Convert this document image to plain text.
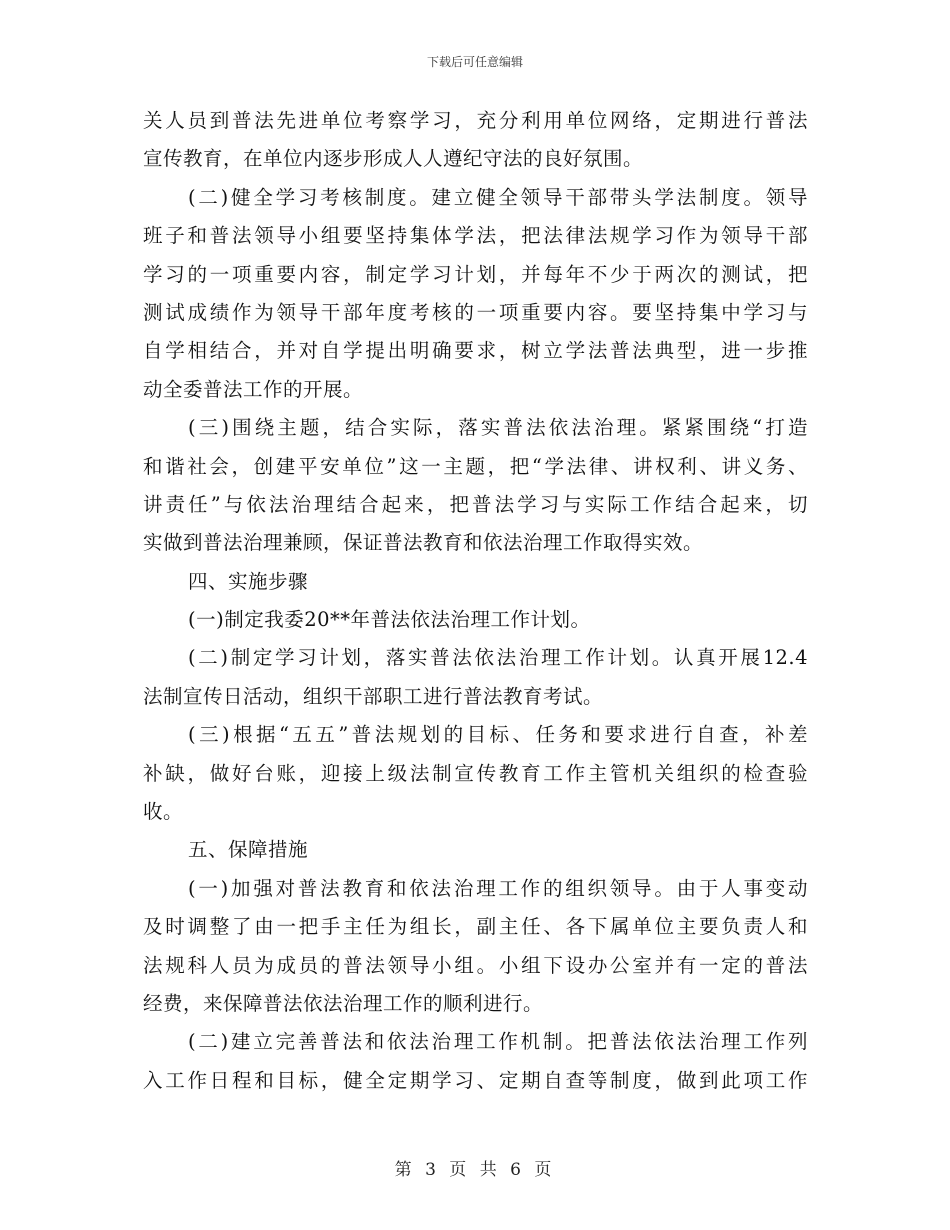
下载后可任意编辑
关人员到普法先进单位考察学习，充分利用单位网络，定期进行普法
宣传教育，在单位内逐步形成人人遵纪守法的良好氛围。
(二)健全学习考核制度。建立健全领导干部带头学法制度。领导
班子和普法领导小组要坚持集体学法，把法律法规学习作为领导干部
学习的一项重要内容，制定学习计划，并每年不少于两次的测试，把
测试成绩作为领导干部年度考核的一项重要内容。要坚持集中学习与
自学相结合，并对自学提出明确要求，树立学法普法典型，进一步推
动全委普法工作的开展。
(三)围绕主题，结合实际，落实普法依法治理。紧紧围绕“打造
和谐社会，创建平安单位”这一主题，把“学法律、讲权利、讲义务、
讲责任”与依法治理结合起来，把普法学习与实际工作结合起来，切
实做到普法治理兼顾，保证普法教育和依法治理工作取得实效。
四、实施步骤
(一)制定我委20**年普法依法治理工作计划。
(二)制定学习计划，落实普法依法治理工作计划。认真开展12.4
法制宣传日活动，组织干部职工进行普法教育考试。
(三)根据“五五”普法规划的目标、任务和要求进行自查，补差
补缺，做好台账，迎接上级法制宣传教育工作主管机关组织的检查验
收。
五、保障措施
(一)加强对普法教育和依法治理工作的组织领导。由于人事变动
及时调整了由一把手主任为组长，副主任、各下属单位主要负责人和
法规科人员为成员的普法领导小组。小组下设办公室并有一定的普法
经费，来保障普法依法治理工作的顺利进行。
(二)建立完善普法和依法治理工作机制。把普法依法治理工作列
入工作日程和目标，健全定期学习、定期自查等制度，做到此项工作
第 3 页 共 6 页
